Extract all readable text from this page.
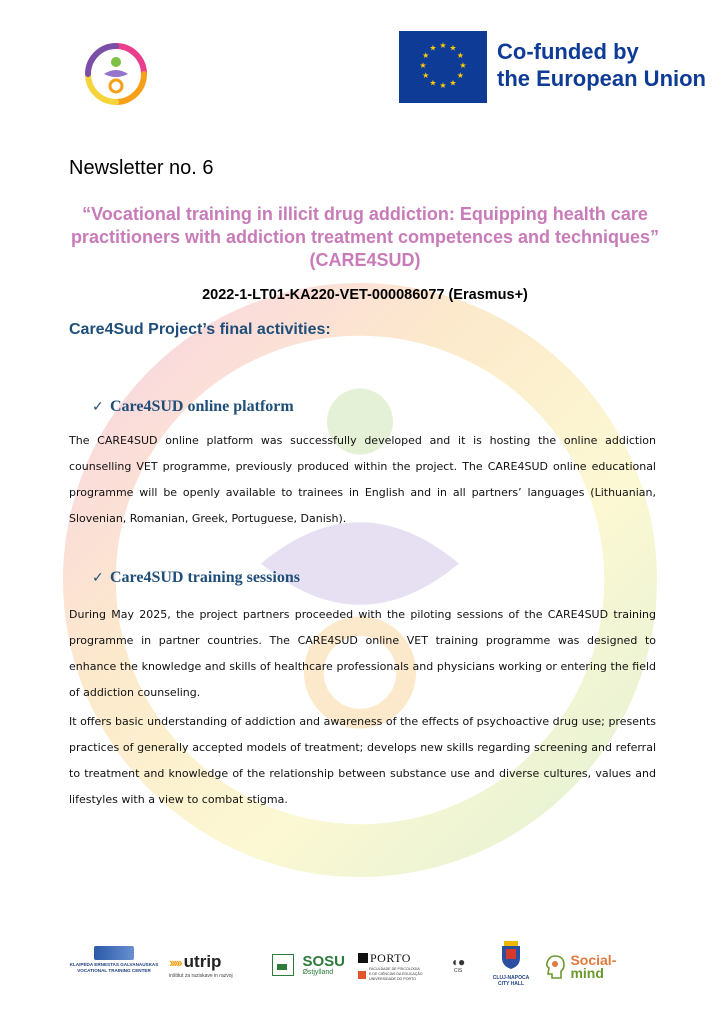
★ ★
★
★
★
★
★
★
★
★
★
★	Co-funded by
the European Union
Newsletter no. 6
“Vocational training in illicit drug addiction: Equipping health care practitioners with addiction treatment competences and techniques” (CARE4SUD)

2022-1-LT01-KA220-VET-000086077 (Erasmus+)

Care4Sud Project’s final activities:
✓ Care4SUD online platform

The CARE4SUD online platform was successfully developed and it is hosting the online addiction counselling VET programme, previously produced within the project. The CARE4SUD online educational programme will be openly available to trainees in English and in all partners’ languages (Lithuanian, Slovenian, Romanian, Greek, Portuguese, Danish).

✓ Care4SUD training sessions

During May 2025, the project partners proceeded with the piloting sessions of the CARE4SUD training programme in partner countries. The CARE4SUD online VET training programme was designed to enhance the knowledge and skills of healthcare professionals and physicians working or entering the field of addiction counseling.

It offers basic understanding of addiction and awareness of the effects of psychoactive drug use; presents practices of generally accepted models of treatment; develops new skills regarding screening and referral to treatment and knowledge of the relationship between substance use and diverse cultures, values and lifestyles with a view to combat stigma.

KLAIPĖDA ERNESTAS GALVANAUSKAS
VOCATIONAL TRAINING CENTER
››››› utrip
inštitut za raziskave in razvoj

SOSU
Østjylland
PORTO

FACULDADE DE PSICOLOGIA
E DE CIÊNCIAS DA EDUCAÇÃO
UNIVERSIDADE DO PORTO
◖●
CIS
CLUJ-NAPOCA
CITY HALL

Social-
mind
